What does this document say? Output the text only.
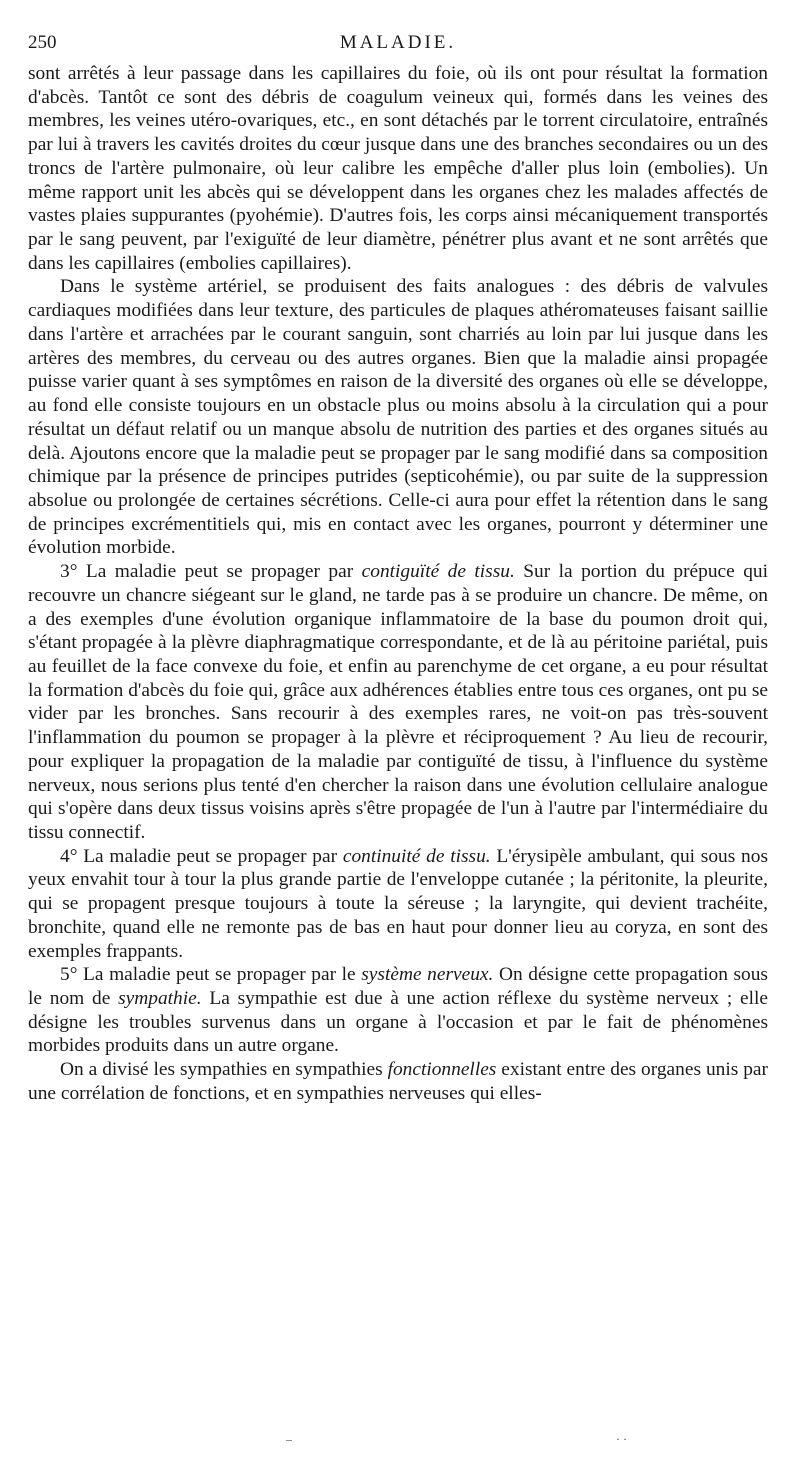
250	MALADIE.

sont arrêtés à leur passage dans les capillaires du foie, où ils ont pour résultat la formation d'abcès. Tantôt ce sont des débris de coagulum veineux qui, formés dans les veines des membres, les veines utéro-ovariques, etc., en sont détachés par le torrent circulatoire, entraînés par lui à travers les cavités droites du cœur jusque dans une des branches secondaires ou un des troncs de l'artère pulmonaire, où leur calibre les empêche d'aller plus loin (embolies). Un même rapport unit les abcès qui se développent dans les organes chez les malades affectés de vastes plaies suppurantes (pyohémie). D'autres fois, les corps ainsi mécaniquement transportés par le sang peuvent, par l'exiguïté de leur diamètre, pénétrer plus avant et ne sont arrêtés que dans les capillaires (embolies capillaires).

Dans le système artériel, se produisent des faits analogues : des débris de valvules cardiaques modifiées dans leur texture, des particules de plaques athéromateuses faisant saillie dans l'artère et arrachées par le courant sanguin, sont charriés au loin par lui jusque dans les artères des membres, du cerveau ou des autres organes. Bien que la maladie ainsi propagée puisse varier quant à ses symptômes en raison de la diversité des organes où elle se développe, au fond elle consiste toujours en un obstacle plus ou moins absolu à la circulation qui a pour résultat un défaut relatif ou un manque absolu de nutrition des parties et des organes situés au delà. Ajoutons encore que la maladie peut se propager par le sang modifié dans sa composition chimique par la présence de principes putrides (septicohémie), ou par suite de la suppression absolue ou prolongée de certaines sécrétions. Celle-ci aura pour effet la rétention dans le sang de principes excrémentitiels qui, mis en contact avec les organes, pourront y déterminer une évolution morbide.

3° La maladie peut se propager par contiguïté de tissu. Sur la portion du prépuce qui recouvre un chancre siégeant sur le gland, ne tarde pas à se produire un chancre. De même, on a des exemples d'une évolution organique inflammatoire de la base du poumon droit qui, s'étant propagée à la plèvre diaphragmatique correspondante, et de là au péritoine pariétal, puis au feuillet de la face convexe du foie, et enfin au parenchyme de cet organe, a eu pour résultat la formation d'abcès du foie qui, grâce aux adhérences établies entre tous ces organes, ont pu se vider par les bronches. Sans recourir à des exemples rares, ne voit-on pas très-souvent l'inflammation du poumon se propager à la plèvre et réciproquement ? Au lieu de recourir, pour expliquer la propagation de la maladie par contiguïté de tissu, à l'influence du système nerveux, nous serions plus tenté d'en chercher la raison dans une évolution cellulaire analogue qui s'opère dans deux tissus voisins après s'être propagée de l'un à l'autre par l'intermédiaire du tissu connectif.

4° La maladie peut se propager par continuité de tissu. L'érysipèle ambulant, qui sous nos yeux envahit tour à tour la plus grande partie de l'enveloppe cutanée ; la péritonite, la pleurite, qui se propagent presque toujours à toute la séreuse ; la laryngite, qui devient trachéite, bronchite, quand elle ne remonte pas de bas en haut pour donner lieu au coryza, en sont des exemples frappants.

5° La maladie peut se propager par le système nerveux. On désigne cette propagation sous le nom de sympathie. La sympathie est due à une action réflexe du système nerveux ; elle désigne les troubles survenus dans un organe à l'occasion et par le fait de phénomènes morbides produits dans un autre organe.

On a divisé les sympathies en sympathies fonctionnelles existant entre des organes unis par une corrélation de fonctions, et en sympathies nerveuses qui elles-

–	· ·
